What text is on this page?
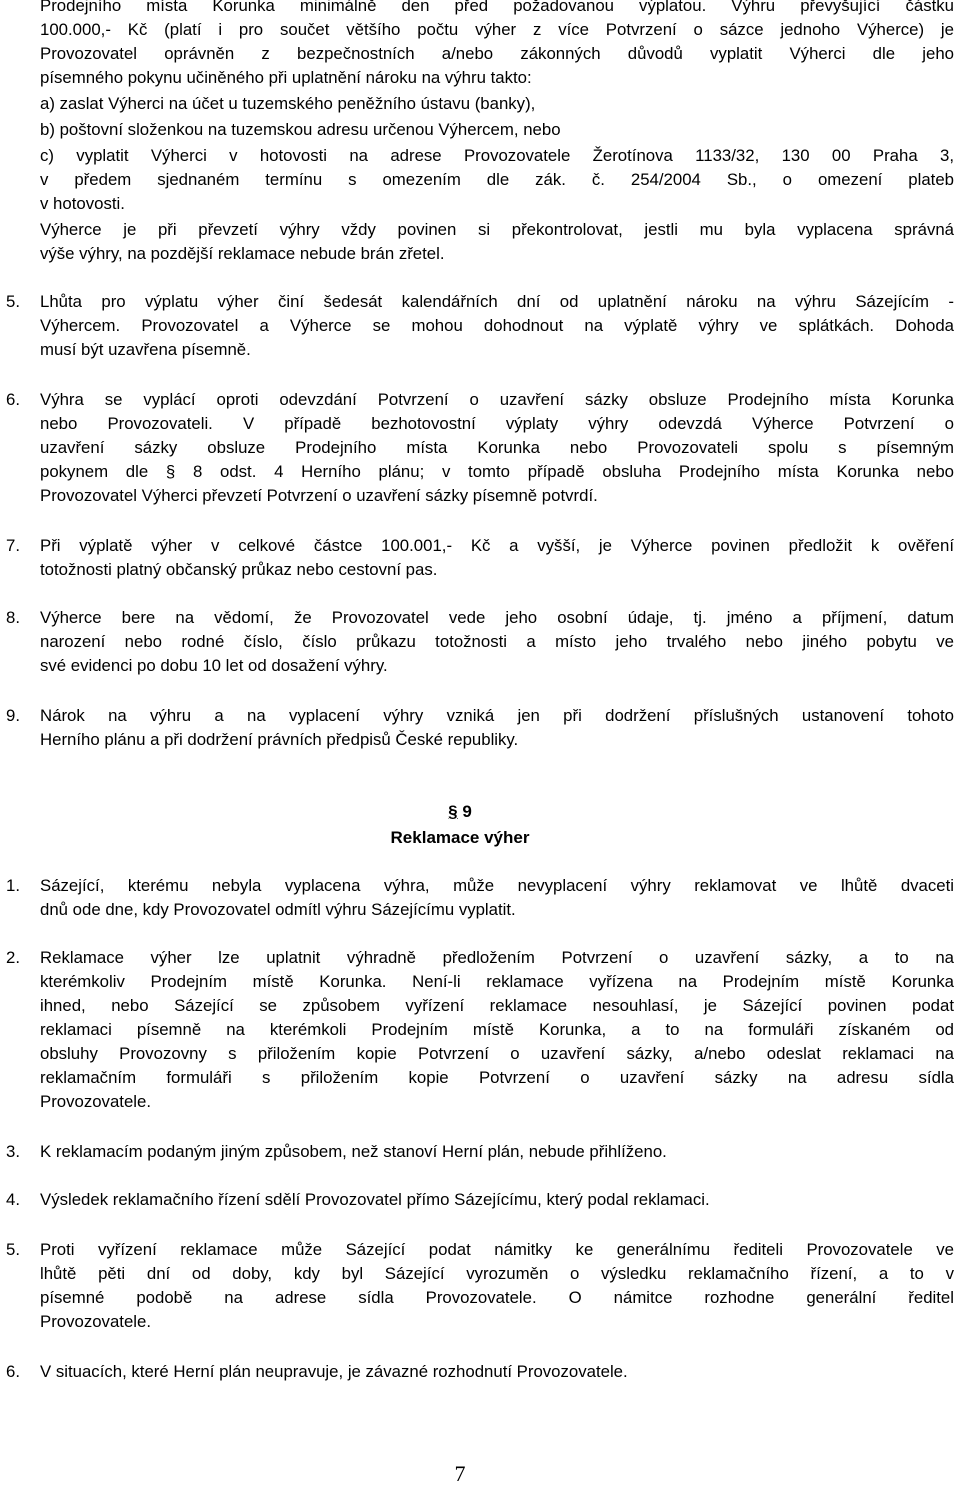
Prodejního místa Korunka minimálně den před požadovanou výplatou. Výhru převyšující částku
100.000,- Kč (platí i pro součet většího počtu výher z více Potvrzení o sázce jednoho Výherce) je
Provozovatel oprávněn z bezpečnostních a/nebo zákonných důvodů vyplatit Výherci dle jeho
písemného pokynu učiněného při uplatnění nároku na výhru takto:
a) zaslat Výherci na účet u tuzemského peněžního ústavu (banky),
b) poštovní složenkou na tuzemskou adresu určenou Výhercem, nebo
c) vyplatit Výherci v hotovosti na adrese Provozovatele Žerotínova 1133/32, 130 00 Praha 3,
v předem sjednaném termínu s omezením dle zák. č. 254/2004 Sb., o omezení plateb
v hotovosti.
Výherce je při převzetí výhry vždy povinen si překontrolovat, jestli mu byla vyplacena správná
výše výhry, na pozdější reklamace nebude brán zřetel.
5.	Lhůta pro výplatu výher činí šedesát kalendářních dní od uplatnění nároku na výhru Sázejícím -
Výhercem. Provozovatel a Výherce se mohou dohodnout na výplatě výhry ve splátkách. Dohoda
musí být uzavřena písemně.
6.	Výhra se vyplácí oproti odevzdání Potvrzení o uzavření sázky obsluze Prodejního místa Korunka
nebo Provozovateli. V případě bezhotovostní výplaty výhry odevzdá Výherce Potvrzení o
uzavření sázky obsluze Prodejního místa Korunka nebo Provozovateli spolu s písemným
pokynem dle § 8 odst. 4 Herního plánu; v tomto případě obsluha Prodejního místa Korunka nebo
Provozovatel Výherci převzetí Potvrzení o uzavření sázky písemně potvrdí.
7.	Při výplatě výher v celkové částce 100.001,- Kč a vyšší, je Výherce povinen předložit k ověření
totožnosti platný občanský průkaz nebo cestovní pas.
8.	Výherce bere na vědomí, že Provozovatel vede jeho osobní údaje, tj. jméno a příjmení, datum
narození nebo rodné číslo, číslo průkazu totožnosti a místo jeho trvalého nebo jiného pobytu ve
své evidenci po dobu 10 let od dosažení výhry.
9.	Nárok na výhru a na vyplacení výhry vzniká jen při dodržení příslušných ustanovení tohoto
Herního plánu a při dodržení právních předpisů České republiky.
§ 9
Reklamace výher
1.	Sázející, kterému nebyla vyplacena výhra, může nevyplacení výhry reklamovat ve lhůtě dvaceti
dnů ode dne, kdy Provozovatel odmítl výhru Sázejícímu vyplatit.
2.	Reklamace výher lze uplatnit výhradně předložením Potvrzení o uzavření sázky, a to na
kterémkoliv Prodejním místě Korunka. Není-li reklamace vyřízena na Prodejním místě Korunka
ihned, nebo Sázející se způsobem vyřízení reklamace nesouhlasí, je Sázející povinen podat
reklamaci písemně na kterémkoli Prodejním místě Korunka, a to na formuláři získaném od
obsluhy Provozovny s přiložením kopie Potvrzení o uzavření sázky, a/nebo odeslat reklamaci na
reklamačním formuláři s přiložením kopie Potvrzení o uzavření sázky na adresu sídla
Provozovatele.
3.	K reklamacím podaným jiným způsobem, než stanoví Herní plán, nebude přihlíženo.
4.	Výsledek reklamačního řízení sdělí Provozovatel přímo Sázejícímu, který podal reklamaci.
5.	Proti vyřízení reklamace může Sázející podat námitky ke generálnímu řediteli Provozovatele ve
lhůtě pěti dní od doby, kdy byl Sázející vyrozuměn o výsledku reklamačního řízení, a to v
písemné podobě na adrese sídla Provozovatele. O námitce rozhodne generální ředitel
Provozovatele.
6.	V situacích, které Herní plán neupravuje, je závazné rozhodnutí Provozovatele.
7
